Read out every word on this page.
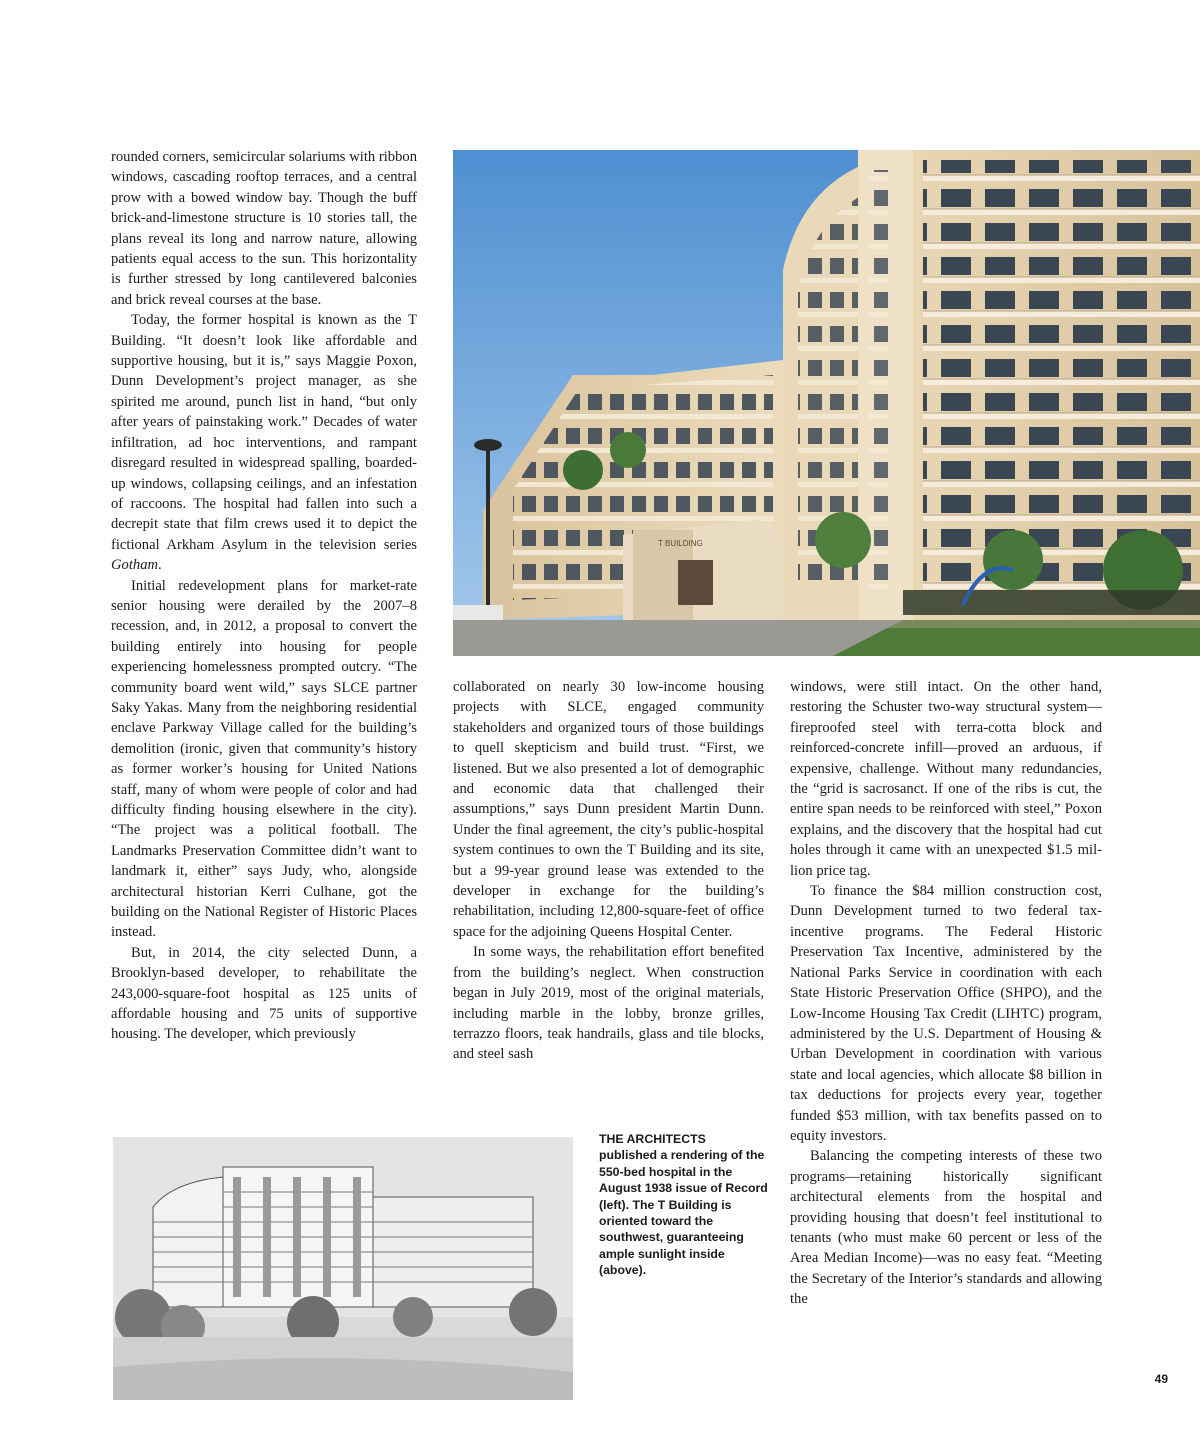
rounded corners, semicircular solariums with ribbon windows, cascading rooftop terraces, and a central prow with a bowed window bay. Though the buff brick-and-limestone structure is 10 stories tall, the plans reveal its long and narrow nature, allowing patients equal access to the sun. This horizontality is further stressed by long cantilevered balconies and brick reveal courses at the base.

Today, the former hospital is known as the T Building. “It doesn’t look like affordable and supportive housing, but it is,” says Maggie Poxon, Dunn Development’s project manager, as she spirited me around, punch list in hand, “but only after years of painstaking work.” Decades of water infiltration, ad hoc interventions, and rampant disregard resulted in widespread spalling, boarded-up windows, collapsing ceilings, and an infestation of raccoons. The hospital had fallen into such a decrepit state that film crews used it to depict the fictional Arkham Asylum in the television series Gotham.

Initial redevelopment plans for market-rate senior housing were derailed by the 2007–8 recession, and, in 2012, a proposal to convert the building entirely into housing for people experiencing homelessness prompted outcry. “The community board went wild,” says SLCE partner Saky Yakas. Many from the neighboring residential enclave Parkway Village called for the building’s demolition (ironic, given that community’s history as former worker’s housing for United Nations staff, many of whom were people of color and had difficulty finding housing elsewhere in the city). “The project was a political football. The Landmarks Preservation Committee didn’t want to landmark it, either” says Judy, who, alongside architectural historian Kerri Culhane, got the building on the National Register of Historic Places instead.

But, in 2014, the city selected Dunn, a Brooklyn-based developer, to rehabilitate the 243,000-square-foot hospital as 125 units of affordable housing and 75 units of supportive housing. The developer, which previously

T BUILDING

collaborated on nearly 30 low-income housing projects with SLCE, engaged community stakeholders and organized tours of those buildings to quell skepticism and build trust. “First, we listened. But we also presented a lot of demographic and economic data that challenged their assumptions,” says Dunn president Martin Dunn. Under the final agreement, the city’s public-hospital system continues to own the T Building and its site, but a 99-year ground lease was extended to the developer in exchange for the building’s rehabilitation, including 12,800-square-feet of office space for the adjoining Queens Hospital Center.

In some ways, the rehabilitation effort benefited from the building’s neglect. When construction began in July 2019, most of the original materials, including marble in the lobby, bronze grilles, terrazzo floors, teak handrails, glass and tile blocks, and steel sash

windows, were still intact. On the other hand, restoring the Schuster two-way structural system—fireproofed steel with terra-cotta block and reinforced-concrete infill—proved an arduous, if expensive, challenge. Without many redundancies, the “grid is sacrosanct. If one of the ribs is cut, the entire span needs to be reinforced with steel,” Poxon explains, and the discovery that the hospital had cut holes through it came with an unexpected $1.5 million price tag.

To finance the $84 million construction cost, Dunn Development turned to two federal tax-incentive programs. The Federal Historic Preservation Tax Incentive, administered by the National Parks Service in coordination with each State Historic Preservation Office (SHPO), and the Low-Income Housing Tax Credit (LIHTC) program, administered by the U.S. Department of Housing & Urban Development in coordination with various state and local agencies, which allocate $8 billion in tax deductions for projects every year, together funded $53 million, with tax benefits passed on to equity investors.

Balancing the competing interests of these two programs—retaining historically significant architectural elements from the hospital and providing housing that doesn’t feel institutional to tenants (who must make 60 percent or less of the Area Median Income)—was no easy feat. “Meeting the Secretary of the Interior’s standards and allowing the

THE ARCHITECTS
published a rendering of the 550-bed hospital in the August 1938 issue of Record (left). The T Building is oriented toward the southwest, guaranteeing ample sunlight inside (above).
49
